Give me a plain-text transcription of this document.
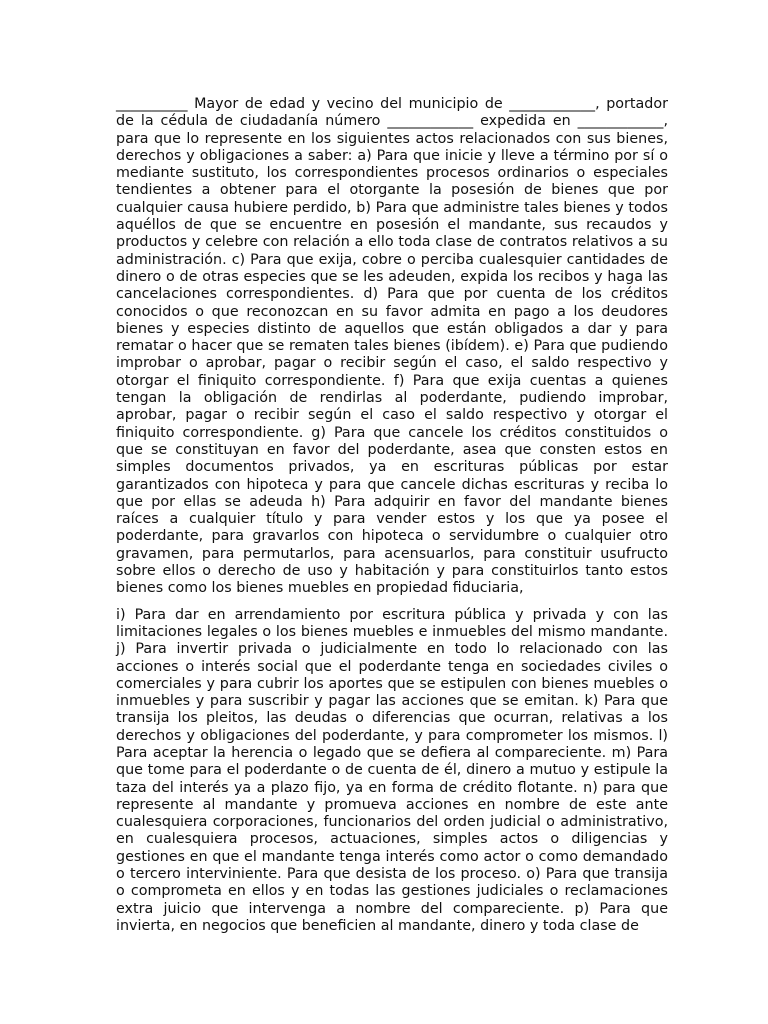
__________ Mayor de edad y vecino del municipio de ____________, portador de la cédula de ciudadanía número ____________ expedida en ____________, para que lo represente en los siguientes actos relacionados con sus bienes, derechos y obligaciones a saber: a) Para que inicie y lleve a término por sí o mediante sustituto, los correspondientes procesos ordinarios o especiales tendientes a obtener para el otorgante la posesión de bienes que por cualquier causa hubiere perdido, b) Para que administre tales bienes y todos aquéllos de que se encuentre en posesión el mandante, sus recaudos y productos y celebre con relación a ello toda clase de contratos relativos a su administración. c) Para que exija, cobre o perciba cualesquier cantidades de dinero o de otras especies que se les adeuden, expida los recibos y haga las cancelaciones correspondientes. d) Para que por cuenta de los créditos conocidos o que reconozcan en su favor admita en pago a los deudores bienes y especies distinto de aquellos que están obligados a dar y para rematar o hacer que se rematen tales bienes (ibídem). e) Para que pudiendo improbar o aprobar, pagar o recibir según el caso, el saldo respectivo y otorgar el finiquito correspondiente. f) Para que exija cuentas a quienes tengan la obligación de rendirlas al poderdante, pudiendo improbar, aprobar, pagar o recibir según el caso el saldo respectivo y otorgar el finiquito correspondiente. g) Para que cancele los créditos constituidos o que se constituyan en favor del poderdante, asea que consten estos en simples documentos privados, ya en escrituras públicas por estar garantizados con hipoteca y para que cancele dichas escrituras y reciba lo que por ellas se adeuda h) Para adquirir en favor del mandante bienes raíces a cualquier título y para vender estos y los que ya posee el poderdante, para gravarlos con hipoteca o servidumbre o cualquier otro gravamen, para permutarlos, para acensuarlos, para constituir usufructo sobre ellos o derecho de uso y habitación y para constituirlos tanto estos bienes como los bienes muebles en propiedad fiduciaria,

i) Para dar en arrendamiento por escritura pública y privada y con las limitaciones legales o los bienes muebles e inmuebles del mismo mandante. j) Para invertir privada o judicialmente en todo lo relacionado con las acciones o interés social que el poderdante tenga en sociedades civiles o comerciales y para cubrir los aportes que se estipulen con bienes muebles o inmuebles y para suscribir y pagar las acciones que se emitan. k) Para que transija los pleitos, las deudas o diferencias que ocurran, relativas a los derechos y obligaciones del poderdante, y para comprometer los mismos. l) Para aceptar la herencia o legado que se defiera al compareciente. m) Para que tome para el poderdante o de cuenta de él, dinero a mutuo y estipule la taza del interés ya a plazo fijo, ya en forma de crédito flotante. n) para que represente al mandante y promueva acciones en nombre de este ante cualesquiera corporaciones, funcionarios del orden judicial o administrativo, en cualesquiera procesos, actuaciones, simples actos o diligencias y gestiones en que el mandante tenga interés como actor o como demandado o tercero interviniente. Para que desista de los proceso. o) Para que transija o comprometa en ellos y en todas las gestiones judiciales o reclamaciones extra juicio que intervenga a nombre del compareciente. p) Para que invierta, en negocios que beneficien al mandante, dinero y toda clase de
